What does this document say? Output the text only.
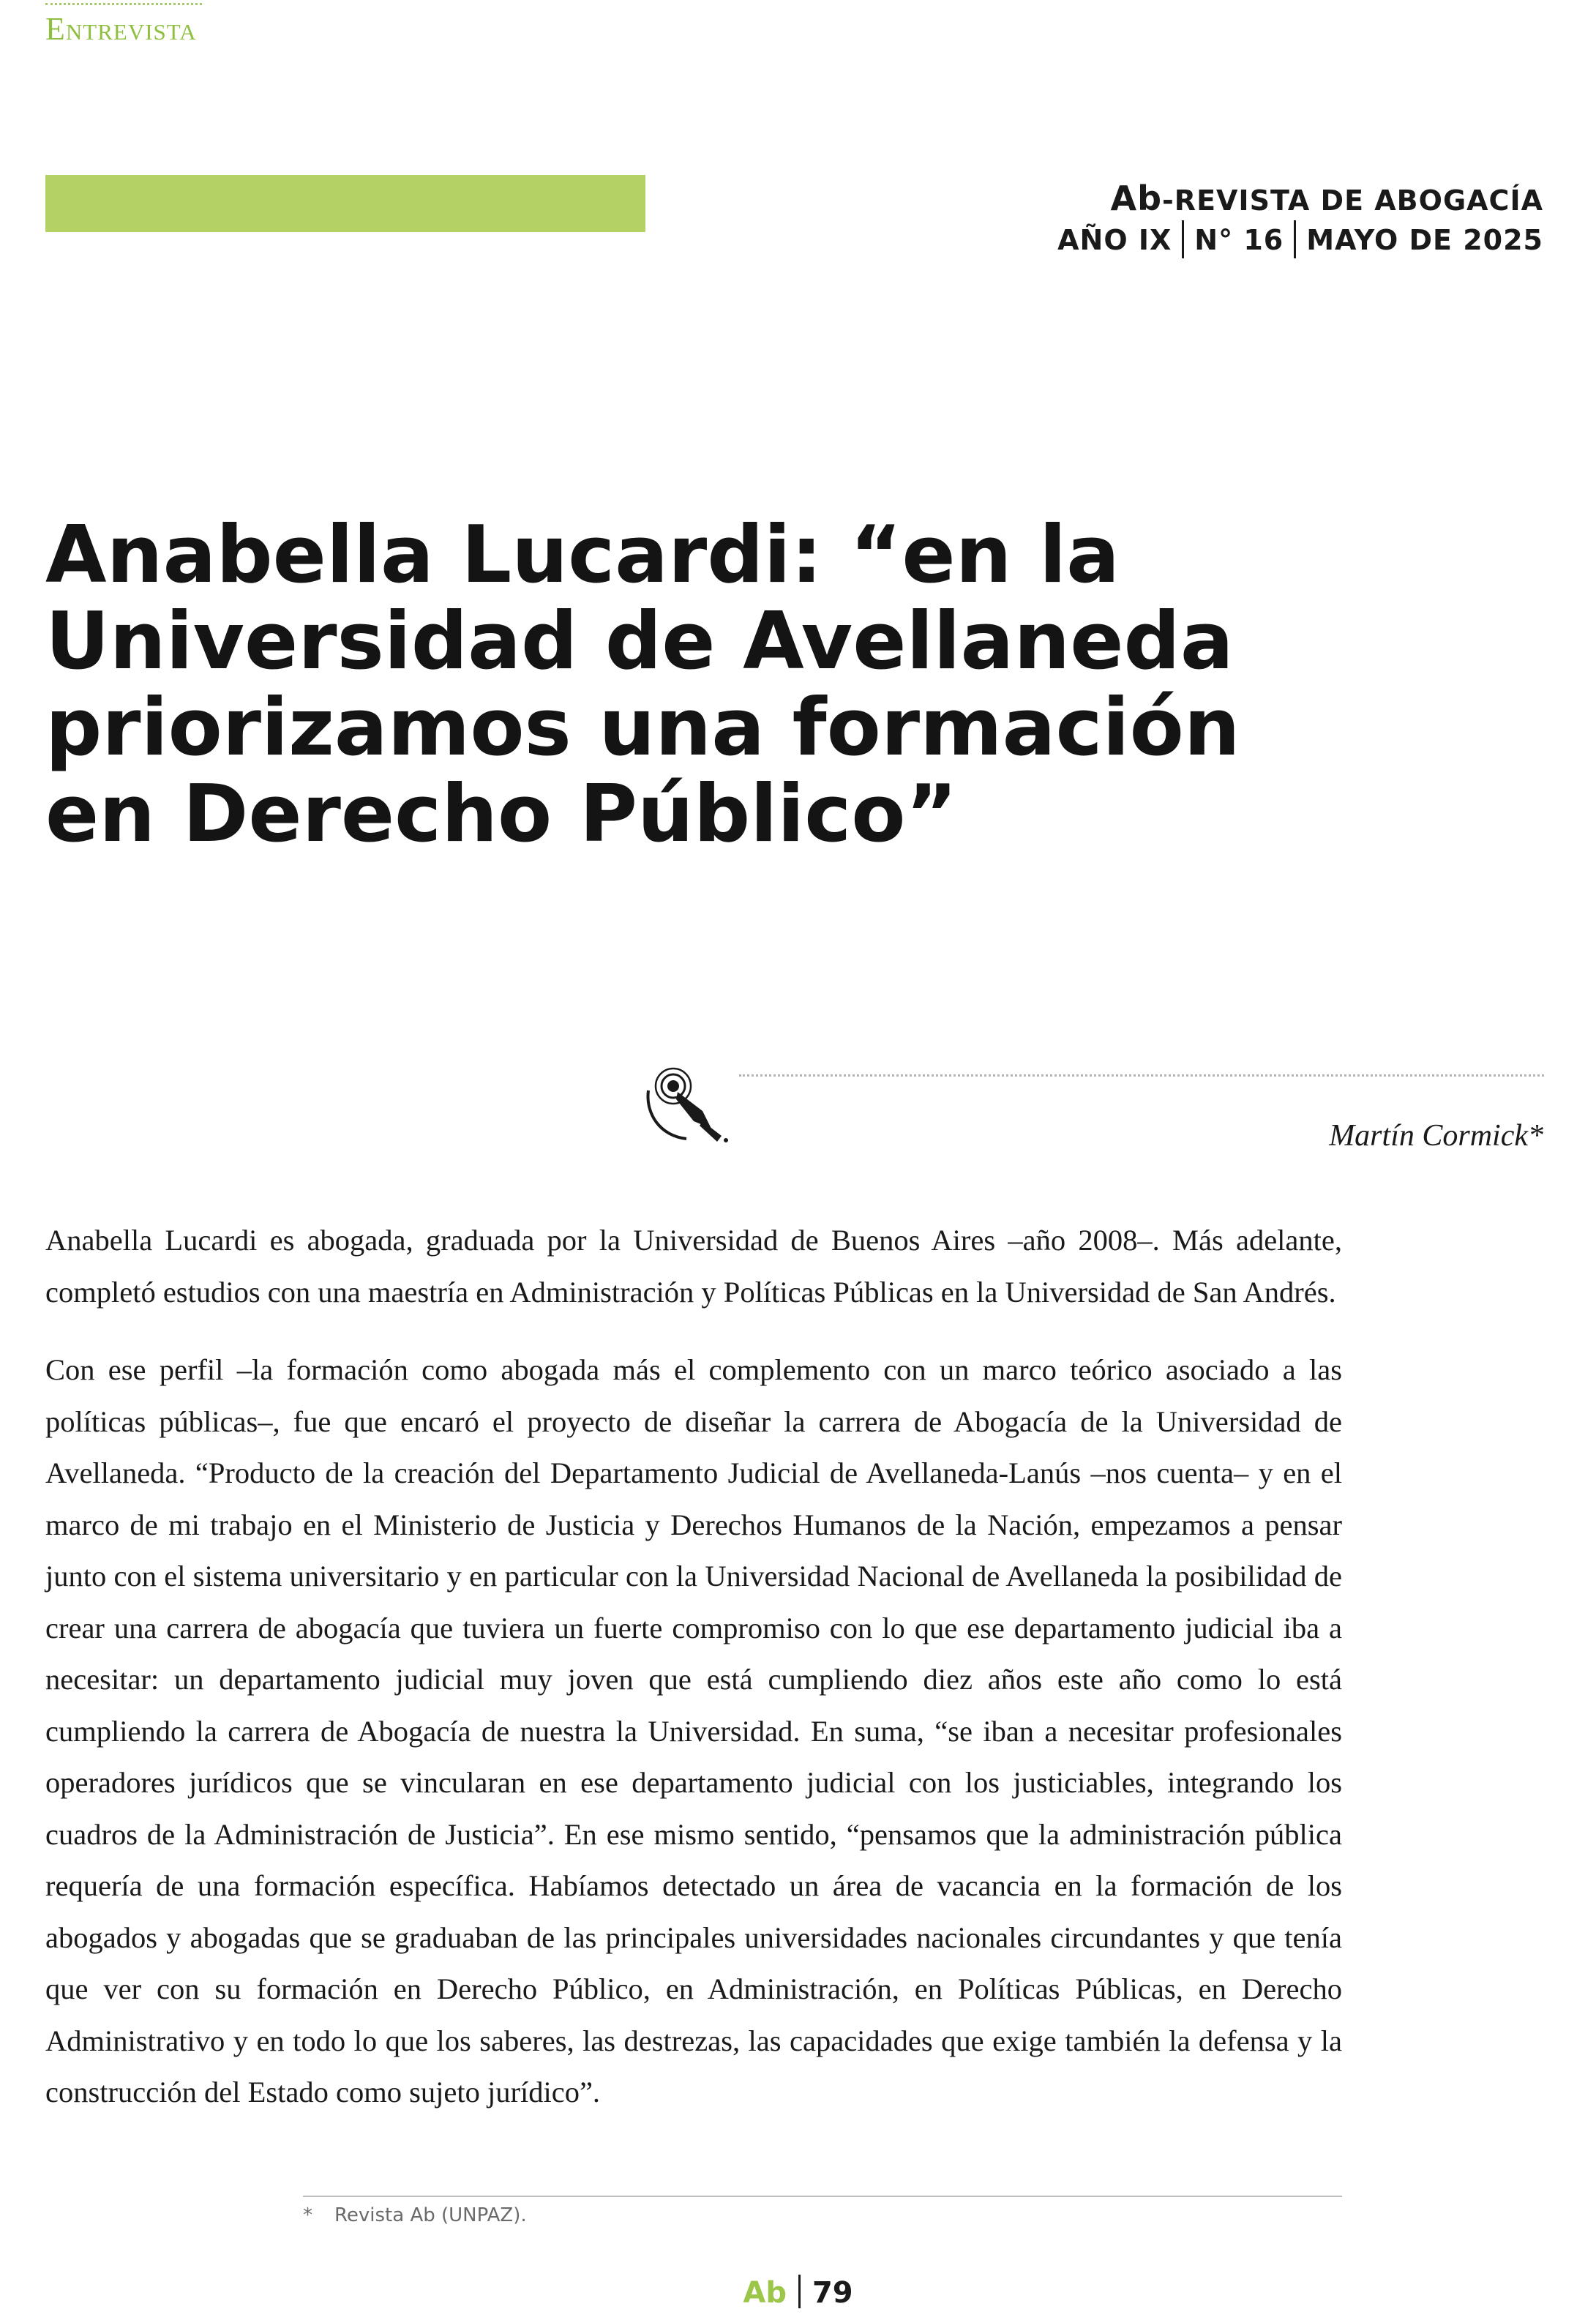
Entrevista
Ab-REVISTA DE ABOGACÍA
AÑO IX N° 16 MAYO DE 2025
Anabella Lucardi: “en la
Universidad de Avellaneda
priorizamos una formación
en Derecho Público”
Martín Cormick*

Anabella Lucardi es abogada, graduada por la Universidad de Buenos Aires –año 2008–. Más adelante, completó estudios con una maestría en Administración y Políticas Públicas en la Universidad de San Andrés.

Con ese perfil –la formación como abogada más el complemento con un marco teórico asociado a las políticas públicas–, fue que encaró el proyecto de diseñar la carrera de Abogacía de la Universidad de Avellaneda. “Producto de la creación del Departamento Judicial de Avellaneda-Lanús –nos cuenta– y en el marco de mi trabajo en el Ministerio de Justicia y Derechos Humanos de la Nación, empezamos a pensar junto con el sistema universitario y en particular con la Universidad Nacional de Avellaneda la posibilidad de crear una carrera de abogacía que tuviera un fuerte compromiso con lo que ese departamento judicial iba a necesitar: un departamento judicial muy joven que está cumpliendo diez años este año como lo está cumpliendo la carrera de Abogacía de nuestra la Universidad. En suma, “se iban a necesitar profesionales operadores jurídicos que se vincularan en ese departamento judicial con los justiciables, integrando los cuadros de la Administración de Justicia”. En ese mismo sentido, “pensamos que la administración pública requería de una formación específica. Habíamos detectado un área de vacancia en la formación de los abogados y abogadas que se graduaban de las principales universidades nacionales circundantes y que tenía que ver con su formación en Derecho Público, en Administración, en Políticas Públicas, en Derecho Administrativo y en todo lo que los saberes, las destrezas, las capacidades que exige también la defensa y la construcción del Estado como sujeto jurídico”.

* Revista Ab (UNPAZ).
Ab 79
